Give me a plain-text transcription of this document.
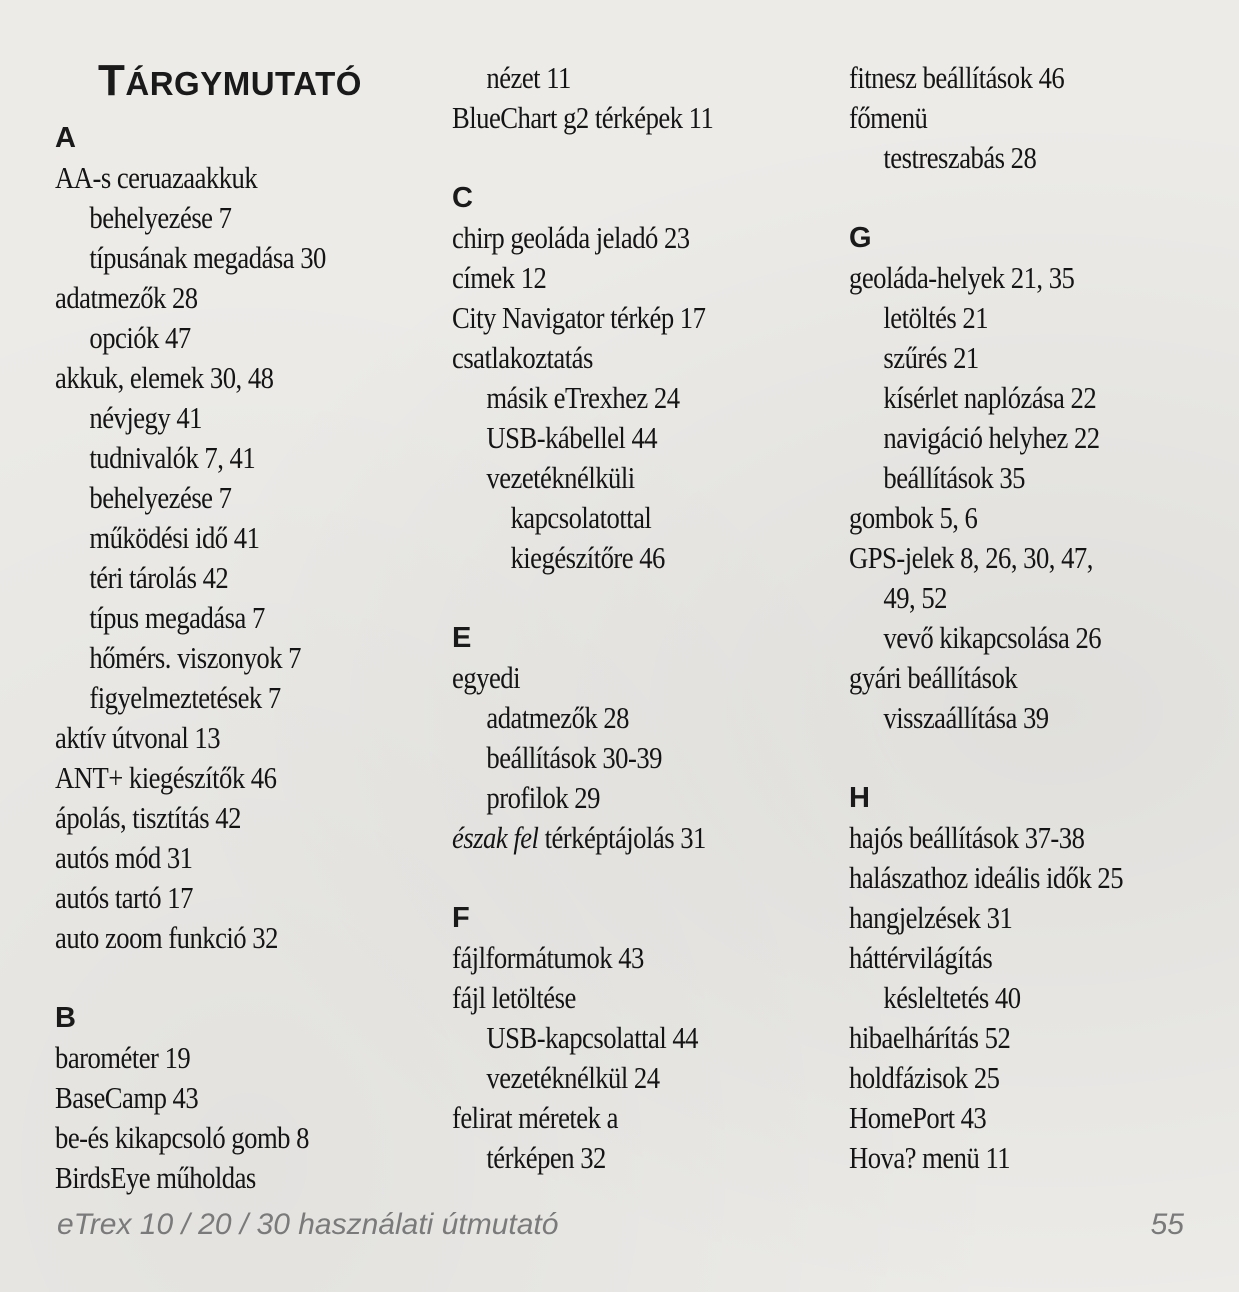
TÁRGYMUTATÓ
A
AA-s ceruazaakkuk
behelyezése 7
típusának megadása 30
adatmezők 28
opciók 47
akkuk, elemek 30, 48
névjegy 41
tudnivalók 7, 41
behelyezése 7
működési idő 41
téri tárolás 42
típus megadása 7
hőmérs. viszonyok 7
figyelmeztetések 7
aktív útvonal 13
ANT+ kiegészítők 46
ápolás, tisztítás 42
autós mód 31
autós tartó 17
auto zoom funkció 32
B
barométer 19
BaseCamp 43
be-és kikapcsoló gomb 8
BirdsEye műholdas
nézet 11
BlueChart g2 térképek 11
C
chirp geoláda jeladó 23
címek 12
City Navigator térkép 17
csatlakoztatás
másik eTrexhez 24
USB-kábellel 44
vezetéknélküli
kapcsolatottal
kiegészítőre 46
E
egyedi
adatmezők 28
beállítások 30-39
profilok 29
észak fel térképtájolás 31
F
fájlformátumok 43
fájl letöltése
USB-kapcsolattal 44
vezetéknélkül 24
felirat méretek a
térképen 32
fitnesz beállítások 46
főmenü
testreszabás 28
G
geoláda-helyek 21, 35
letöltés 21
szűrés 21
kísérlet naplózása 22
navigáció helyhez 22
beállítások 35
gombok 5, 6
GPS-jelek 8, 26, 30, 47,
49, 52
vevő kikapcsolása 26
gyári beállítások
visszaállítása 39
H
hajós beállítások 37-38
halászathoz ideális idők 25
hangjelzések 31
háttérvilágítás
késleltetés 40
hibaelhárítás 52
holdfázisok 25
HomePort 43
Hova? menü 11
eTrex 10 / 20 / 30 használati útmutató	55
